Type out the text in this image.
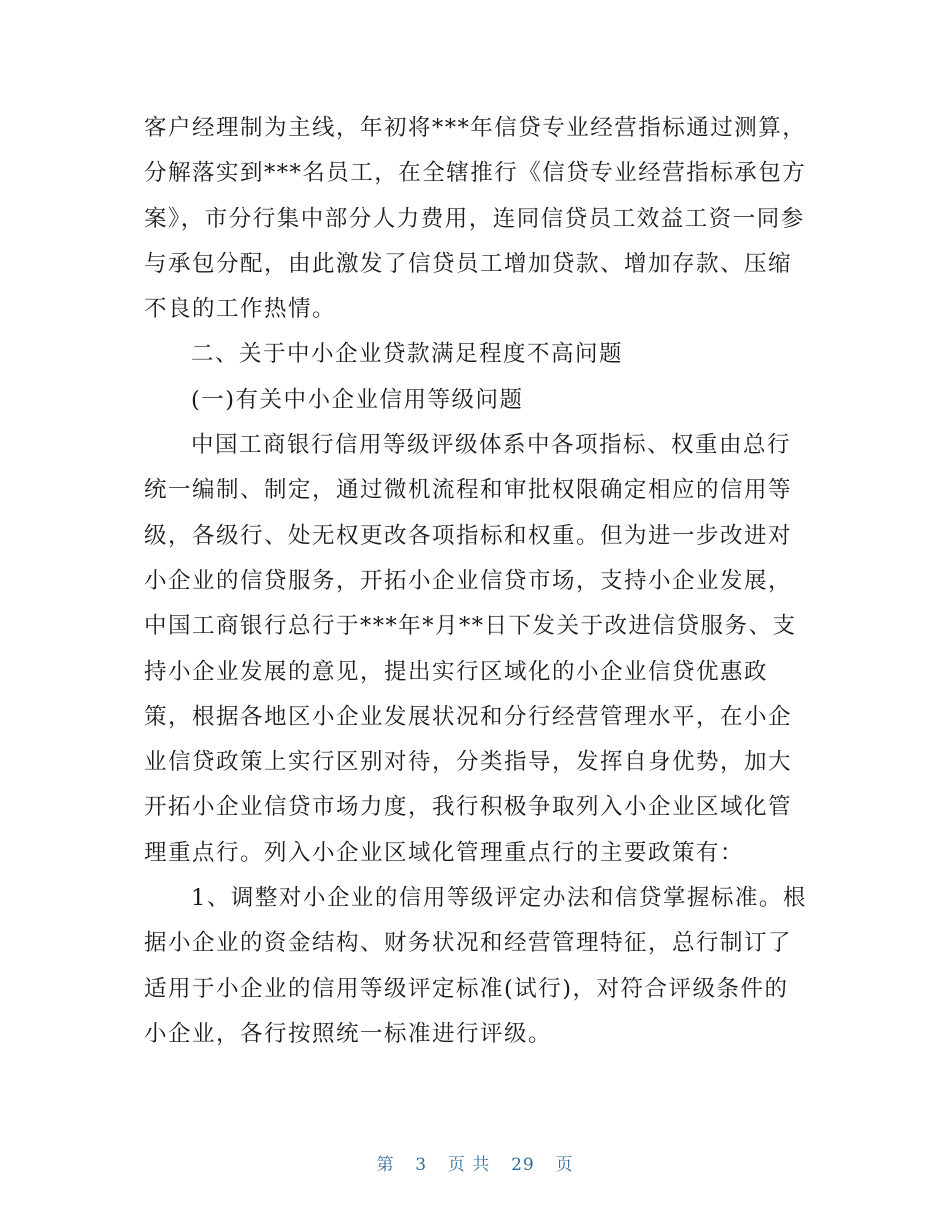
客户经理制为主线，年初将***年信贷专业经营指标通过测算，分解落实到***名员工，在全辖推行《信贷专业经营指标承包方案》，市分行集中部分人力费用，连同信贷员工效益工资一同参与承包分配，由此激发了信贷员工增加贷款、增加存款、压缩不良的工作热情。

二、关于中小企业贷款满足程度不高问题

(一)有关中小企业信用等级问题

中国工商银行信用等级评级体系中各项指标、权重由总行统一编制、制定，通过微机流程和审批权限确定相应的信用等级，各级行、处无权更改各项指标和权重。但为进一步改进对小企业的信贷服务，开拓小企业信贷市场，支持小企业发展，中国工商银行总行于***年*月**日下发关于改进信贷服务、支持小企业发展的意见，提出实行区域化的小企业信贷优惠政策，根据各地区小企业发展状况和分行经营管理水平，在小企业信贷政策上实行区别对待，分类指导，发挥自身优势，加大开拓小企业信贷市场力度，我行积极争取列入小企业区域化管理重点行。列入小企业区域化管理重点行的主要政策有：

1、调整对小企业的信用等级评定办法和信贷掌握标准。根据小企业的资金结构、财务状况和经营管理特征，总行制订了适用于小企业的信用等级评定标准(试行)，对符合评级条件的小企业，各行按照统一标准进行评级。

第 3 页 共 29 页
